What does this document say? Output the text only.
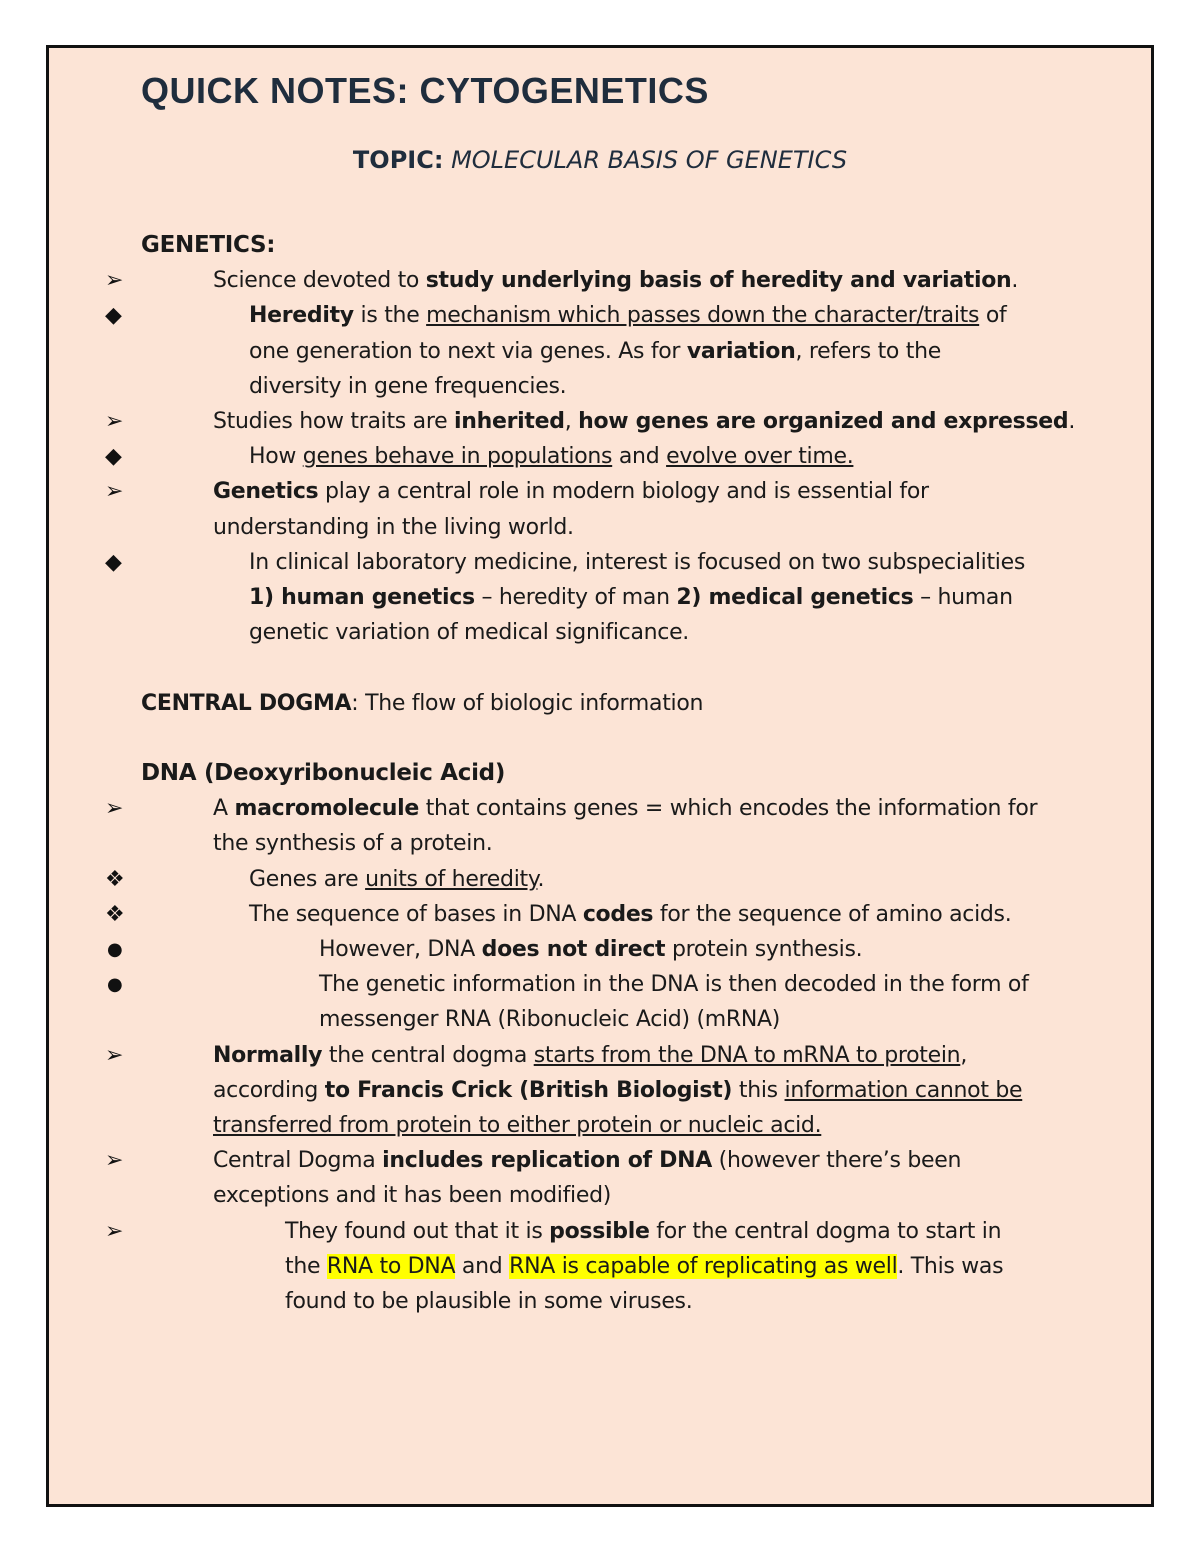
QUICK NOTES: CYTOGENETICS
TOPIC: MOLECULAR BASIS OF GENETICS
GENETICS:
➢	Science devoted to study underlying basis of heredity and variation.
◆	Heredity is the mechanism which passes down the character/traits of
one generation to next via genes. As for variation, refers to the
diversity in gene frequencies.
➢	Studies how traits are inherited, how genes are organized and expressed.
◆	How genes behave in populations and evolve over time.
➢	Genetics play a central role in modern biology and is essential for
understanding in the living world.
◆	In clinical laboratory medicine, interest is focused on two subspecialities
1) human genetics – heredity of man 2) medical genetics – human
genetic variation of medical significance.
CENTRAL DOGMA: The flow of biologic information
DNA (Deoxyribonucleic Acid)
➢	A macromolecule that contains genes = which encodes the information for
the synthesis of a protein.
❖	Genes are units of heredity.
❖	The sequence of bases in DNA codes for the sequence of amino acids.
●	However, DNA does not direct protein synthesis.
●	The genetic information in the DNA is then decoded in the form of
messenger RNA (Ribonucleic Acid) (mRNA)
➢	Normally the central dogma starts from the DNA to mRNA to protein,
according to Francis Crick (British Biologist) this information cannot be
transferred from protein to either protein or nucleic acid.
➢	Central Dogma includes replication of DNA (however there’s been
exceptions and it has been modified)
➢	They found out that it is possible for the central dogma to start in
the RNA to DNA and RNA is capable of replicating as well. This was
found to be plausible in some viruses.
